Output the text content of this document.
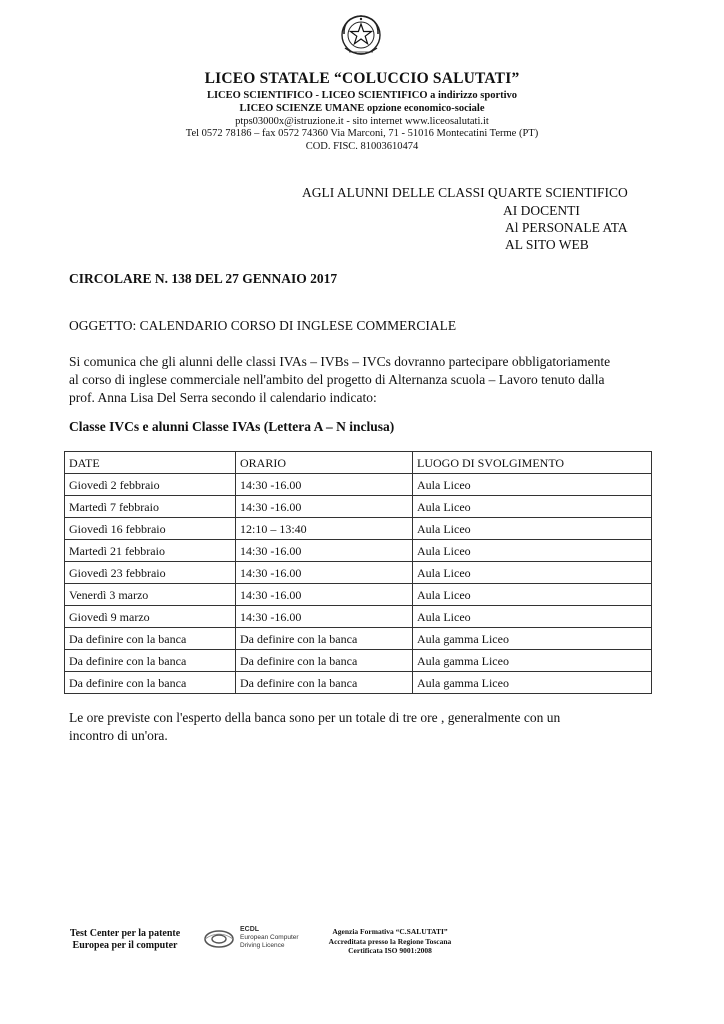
LICEO STATALE “COLUCCIO SALUTATI”
LICEO SCIENTIFICO - LICEO SCIENTIFICO a indirizzo sportivo
LICEO SCIENZE UMANE opzione economico-sociale
ptps03000x@istruzione.it - sito internet www.liceosalutati.it
Tel 0572 78186 – fax 0572 74360 Via Marconi, 71 - 51016 Montecatini Terme (PT)
COD. FISC. 81003610474
AGLI ALUNNI DELLE CLASSI QUARTE SCIENTIFICO
AI DOCENTI
Al PERSONALE ATA
AL SITO WEB
CIRCOLARE N. 138 DEL 27 GENNAIO 2017
OGGETTO: CALENDARIO CORSO DI INGLESE COMMERCIALE
Si comunica che gli alunni delle classi IVAs – IVBs – IVCs dovranno partecipare obbligatoriamente
al corso di inglese commerciale nell'ambito del progetto di Alternanza scuola – Lavoro tenuto dalla
prof. Anna Lisa Del Serra secondo il calendario indicato:
Classe IVCs e alunni Classe IVAs (Lettera A – N inclusa)
DATE	ORARIO	LUOGO DI SVOLGIMENTO
Giovedì 2 febbraio	14:30 -16.00	Aula Liceo
Martedì 7 febbraio	14:30 -16.00	Aula Liceo
Giovedì 16 febbraio	12:10 – 13:40	Aula Liceo
Martedì 21 febbraio	14:30 -16.00	Aula Liceo
Giovedì 23 febbraio	14:30 -16.00	Aula Liceo
Venerdì 3 marzo	14:30 -16.00	Aula Liceo
Giovedì 9 marzo	14:30 -16.00	Aula Liceo
Da definire con la banca	Da definire con la banca	Aula gamma Liceo
Da definire con la banca	Da definire con la banca	Aula gamma Liceo
Da definire con la banca	Da definire con la banca	Aula gamma Liceo
Le ore previste con l'esperto della banca sono per un totale di tre ore , generalmente con un
incontro di un'ora.
Test Center per la patente
Europea per il computer
ECDL
European Computer
Driving Licence
Agenzia Formativa “C.SALUTATI”
Accreditata presso la Regione Toscana
Certificata ISO 9001:2008
